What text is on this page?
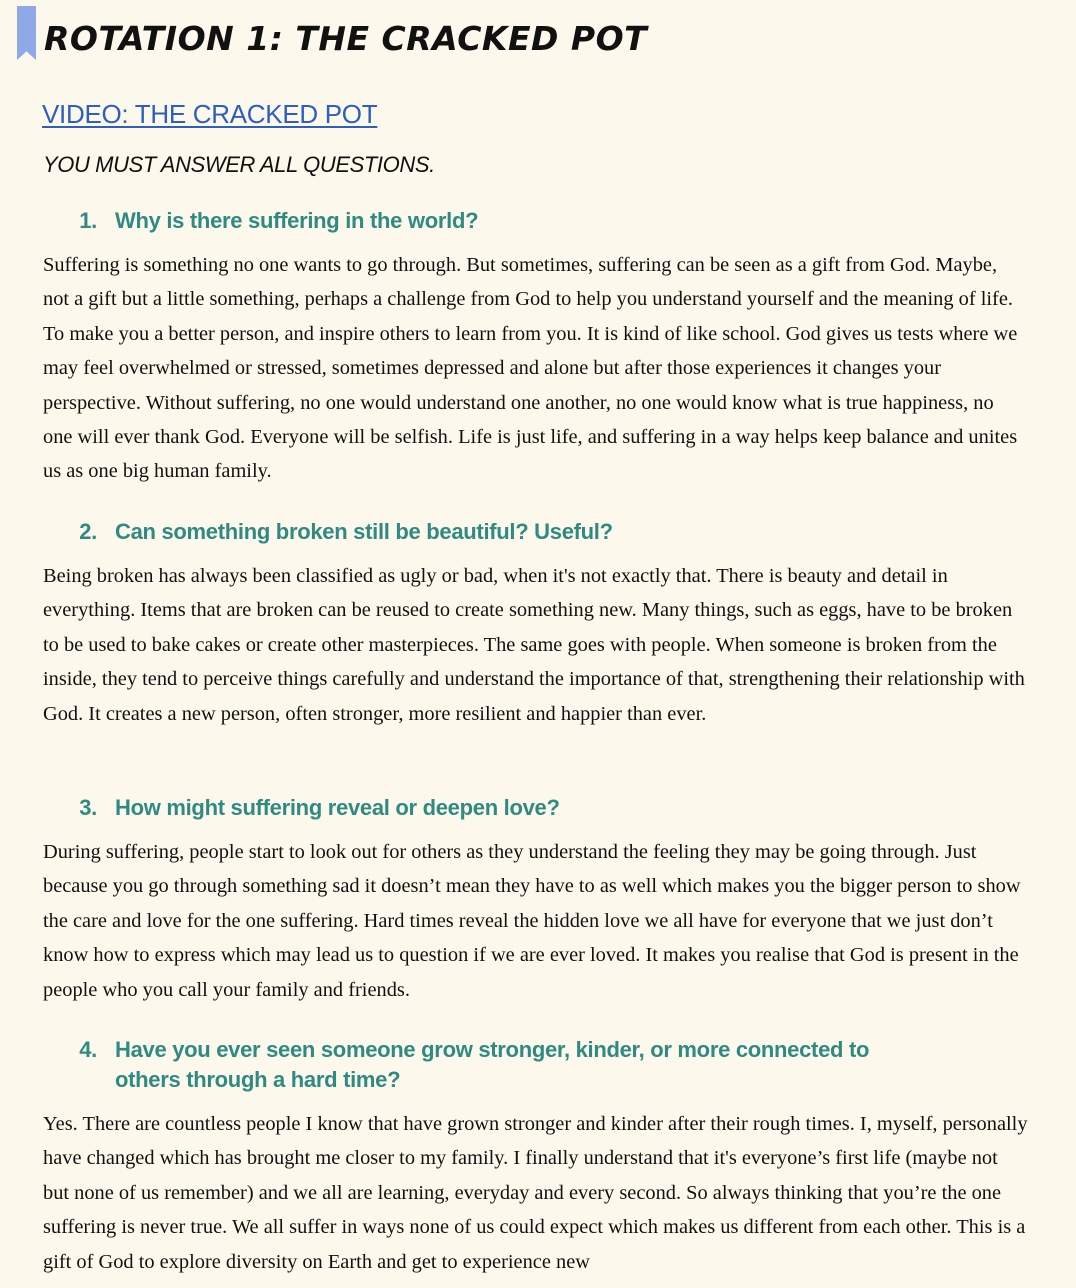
ROTATION 1: THE CRACKED POT
VIDEO: THE CRACKED POT

YOU MUST ANSWER ALL QUESTIONS.

1. Why is there suffering in the world?

Suffering is something no one wants to go through. But sometimes, suffering can be seen as a gift from God. Maybe, not a gift but a little something, perhaps a challenge from God to help you understand yourself and the meaning of life. To make you a better person, and inspire others to learn from you. It is kind of like school. God gives us tests where we may feel overwhelmed or stressed, sometimes depressed and alone but after those experiences it changes your perspective. Without suffering, no one would understand one another, no one would know what is true happiness, no one will ever thank God. Everyone will be selfish. Life is just life, and suffering in a way helps keep balance and unites us as one big human family.

2. Can something broken still be beautiful? Useful?

Being broken has always been classified as ugly or bad, when it's not exactly that. There is beauty and detail in everything. Items that are broken can be reused to create something new. Many things, such as eggs, have to be broken to be used to bake cakes or create other masterpieces. The same goes with people. When someone is broken from the inside, they tend to perceive things carefully and understand the importance of that, strengthening their relationship with God. It creates a new person, often stronger, more resilient and happier than ever.

3. How might suffering reveal or deepen love?

During suffering, people start to look out for others as they understand the feeling they may be going through. Just because you go through something sad it doesn’t mean they have to as well which makes you the bigger person to show the care and love for the one suffering. Hard times reveal the hidden love we all have for everyone that we just don’t know how to express which may lead us to question if we are ever loved. It makes you realise that God is present in the people who you call your family and friends.

4. Have you ever seen someone grow stronger, kinder, or more connected to others through a hard time?

Yes. There are countless people I know that have grown stronger and kinder after their rough times. I, myself, personally have changed which has brought me closer to my family. I finally understand that it's everyone’s first life (maybe not but none of us remember) and we all are learning, everyday and every second. So always thinking that you’re the one suffering is never true. We all suffer in ways none of us could expect which makes us different from each other. This is a gift of God to explore diversity on Earth and get to experience new
